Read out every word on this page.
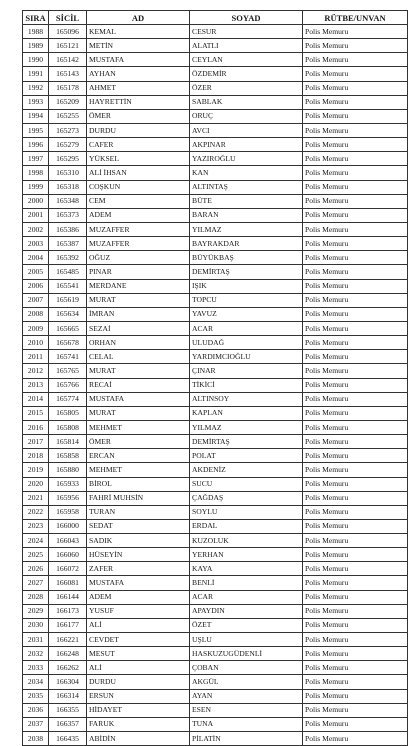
SIRA	SİCİL	AD	SOYAD	RÜTBE/UNVAN
1988	165096	KEMAL	CESUR	Polis Memuru
1989	165121	METİN	ALATLI	Polis Memuru
1990	165142	MUSTAFA	CEYLAN	Polis Memuru
1991	165143	AYHAN	ÖZDEMİR	Polis Memuru
1992	165178	AHMET	ÖZER	Polis Memuru
1993	165209	HAYRETTİN	SABLAK	Polis Memuru
1994	165255	ÖMER	ORUÇ	Polis Memuru
1995	165273	DURDU	AVCI	Polis Memuru
1996	165279	CAFER	AKPINAR	Polis Memuru
1997	165295	YÜKSEL	YAZIROĞLU	Polis Memuru
1998	165310	ALİ İHSAN	KAN	Polis Memuru
1999	165318	COŞKUN	ALTINTAŞ	Polis Memuru
2000	165348	CEM	BÜTE	Polis Memuru
2001	165373	ADEM	BARAN	Polis Memuru
2002	165386	MUZAFFER	YILMAZ	Polis Memuru
2003	165387	MUZAFFER	BAYRAKDAR	Polis Memuru
2004	165392	OĞUZ	BÜYÜKBAŞ	Polis Memuru
2005	165485	PINAR	DEMİRTAŞ	Polis Memuru
2006	165541	MERDANE	IŞIK	Polis Memuru
2007	165619	MURAT	TOPCU	Polis Memuru
2008	165634	İMRAN	YAVUZ	Polis Memuru
2009	165665	SEZAİ	ACAR	Polis Memuru
2010	165678	ORHAN	ULUDAĞ	Polis Memuru
2011	165741	CELAL	YARDIMCIOĞLU	Polis Memuru
2012	165765	MURAT	ÇINAR	Polis Memuru
2013	165766	RECAİ	TİKİCİ	Polis Memuru
2014	165774	MUSTAFA	ALTINSOY	Polis Memuru
2015	165805	MURAT	KAPLAN	Polis Memuru
2016	165808	MEHMET	YILMAZ	Polis Memuru
2017	165814	ÖMER	DEMİRTAŞ	Polis Memuru
2018	165858	ERCAN	POLAT	Polis Memuru
2019	165880	MEHMET	AKDENİZ	Polis Memuru
2020	165933	BİROL	SUCU	Polis Memuru
2021	165956	FAHRİ MUHSİN	ÇAĞDAŞ	Polis Memuru
2022	165958	TURAN	SOYLU	Polis Memuru
2023	166000	SEDAT	ERDAL	Polis Memuru
2024	166043	SADIK	KUZOLUK	Polis Memuru
2025	166060	HÜSEYİN	YERHAN	Polis Memuru
2026	166072	ZAFER	KAYA	Polis Memuru
2027	166081	MUSTAFA	BENLİ	Polis Memuru
2028	166144	ADEM	ACAR	Polis Memuru
2029	166173	YUSUF	APAYDIN	Polis Memuru
2030	166177	ALİ	ÖZET	Polis Memuru
2031	166221	CEVDET	UŞLU	Polis Memuru
2032	166248	MESUT	HASKUZUGÜDENLİ	Polis Memuru
2033	166262	ALİ	ÇOBAN	Polis Memuru
2034	166304	DURDU	AKGÜL	Polis Memuru
2035	166314	ERSUN	AYAN	Polis Memuru
2036	166355	HİDAYET	ESEN	Polis Memuru
2037	166357	FARUK	TUNA	Polis Memuru
2038	166435	ABİDİN	PİLATİN	Polis Memuru
